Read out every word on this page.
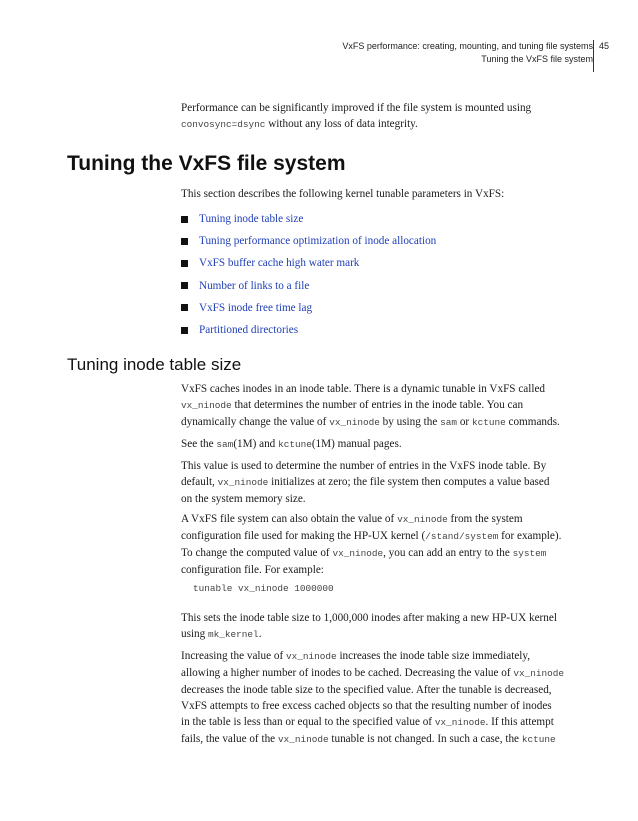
VxFS performance: creating, mounting, and tuning file systems
Tuning the VxFS file system
45

Performance can be significantly improved if the file system is mounted using
convosync=dsync without any loss of data integrity.

Tuning the VxFS file system

This section describes the following kernel tunable parameters in VxFS:

Tuning inode table size
Tuning performance optimization of inode allocation
VxFS buffer cache high water mark
Number of links to a file
VxFS inode free time lag
Partitioned directories
Tuning inode table size

VxFS caches inodes in an inode table. There is a dynamic tunable in VxFS called
vx_ninode that determines the number of entries in the inode table. You can
dynamically change the value of vx_ninode by using the sam or kctune commands.

See the sam(1M) and kctune(1M) manual pages.

This value is used to determine the number of entries in the VxFS inode table. By
default, vx_ninode initializes at zero; the file system then computes a value based
on the system memory size.

A VxFS file system can also obtain the value of vx_ninode from the system
configuration file used for making the HP-UX kernel (/stand/system for example).
To change the computed value of vx_ninode, you can add an entry to the system
configuration file. For example:

tunable vx_ninode 1000000

This sets the inode table size to 1,000,000 inodes after making a new HP-UX kernel
using mk_kernel.

Increasing the value of vx_ninode increases the inode table size immediately,
allowing a higher number of inodes to be cached. Decreasing the value of vx_ninode
decreases the inode table size to the specified value. After the tunable is decreased,
VxFS attempts to free excess cached objects so that the resulting number of inodes
in the table is less than or equal to the specified value of vx_ninode. If this attempt
fails, the value of the vx_ninode tunable is not changed. In such a case, the kctune
